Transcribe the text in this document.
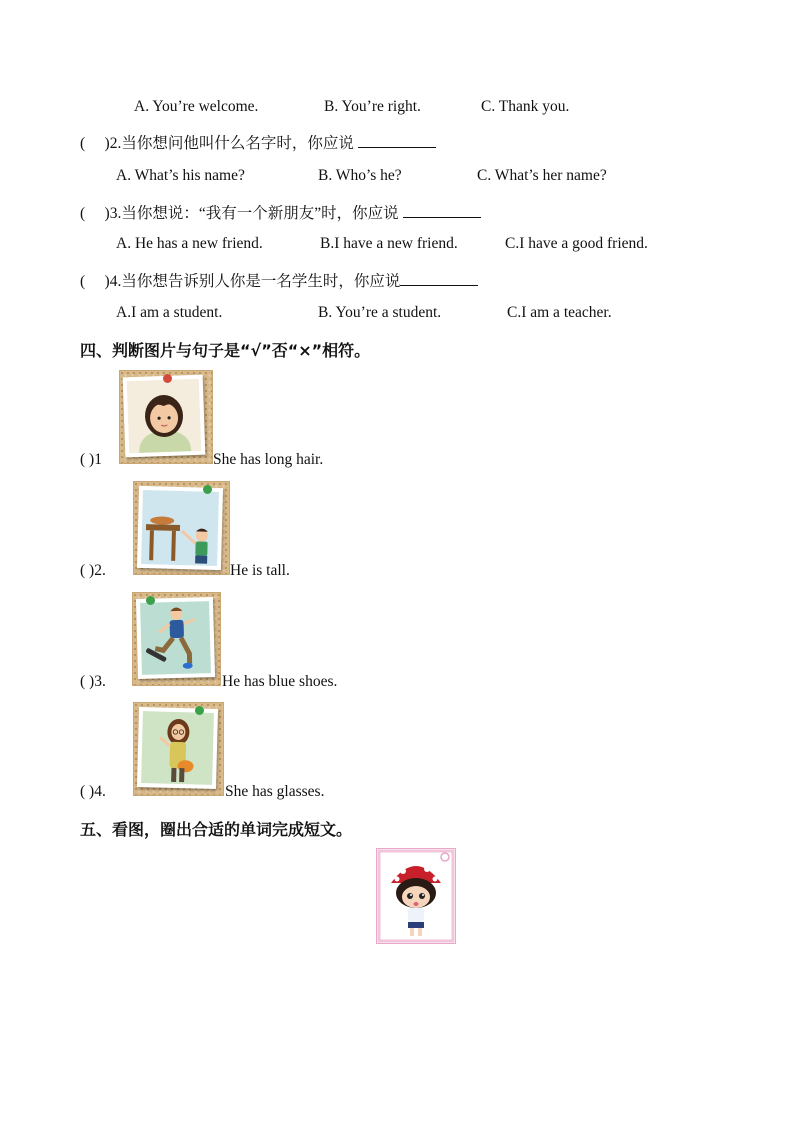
A. You’re welcome.	B. You’re right.	C. Thank you.
(     )2.当你想问他叫什么名字时，你应说
A. What’s his name?	B. Who’s he?	C. What’s her name?
(     )3.当你想说：“我有一个新朋友”时，你应说
A. He has a new friend.	B.I have a new friend.	C.I have a good friend.
(     )4.当你想告诉别人你是一名学生时，你应说
A.I am a student.	B. You’re a student.	C.I am a teacher.
四、判断图片与句子是“√”否“×”相符。
( )1	She has long hair.
( )2.	He is tall.
( )3.	He has blue shoes.
( )4.	She has glasses.
五、看图，圈出合适的单词完成短文。
